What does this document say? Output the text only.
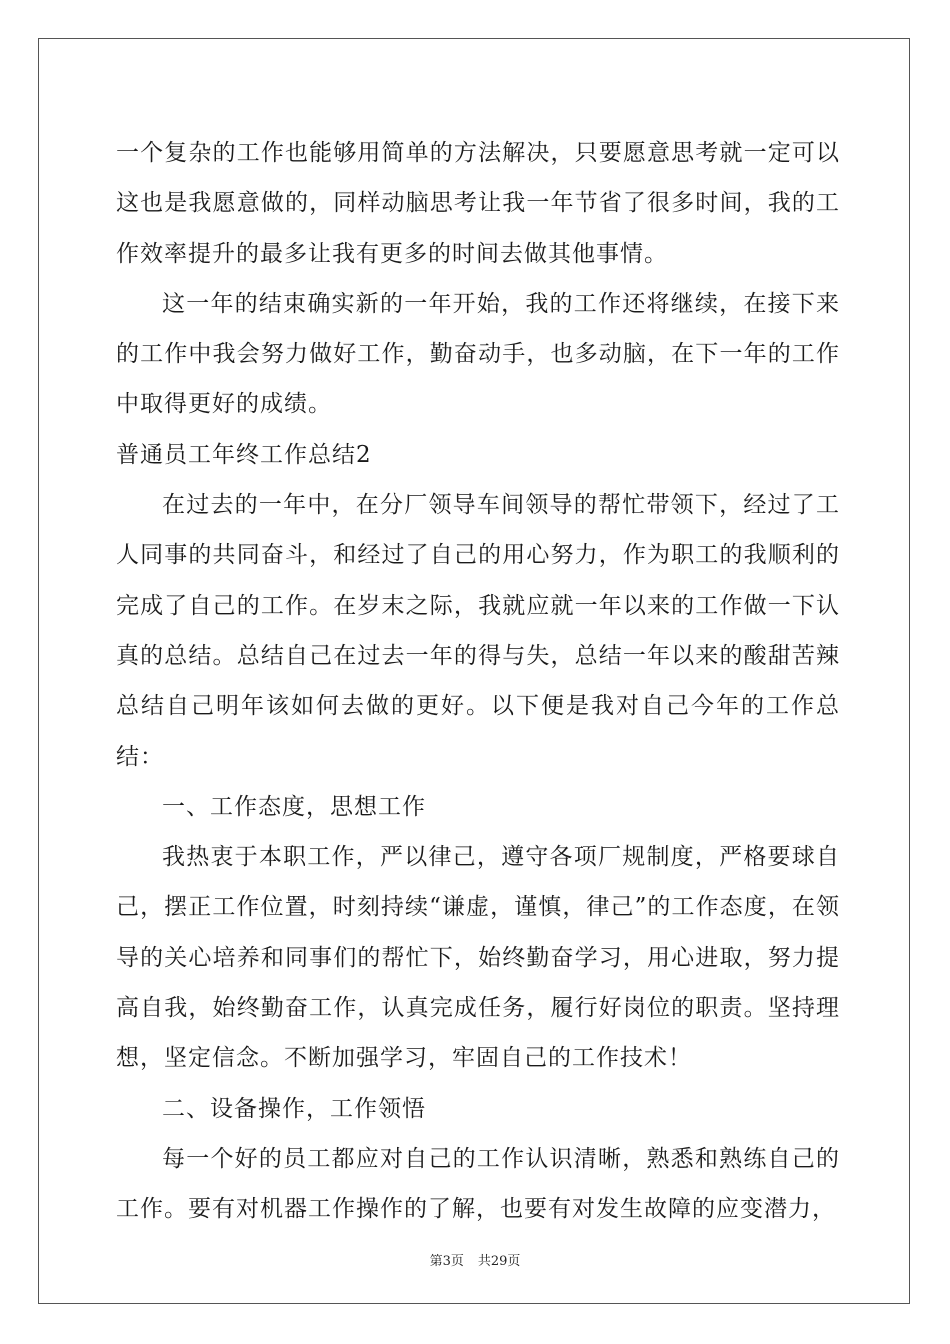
一个复杂的工作也能够用简单的方法解决，只要愿意思考就一定可以这也是我愿意做的，同样动脑思考让我一年节省了很多时间，我的工作效率提升的最多让我有更多的时间去做其他事情。

这一年的结束确实新的一年开始，我的工作还将继续，在接下来的工作中我会努力做好工作，勤奋动手，也多动脑，在下一年的工作中取得更好的成绩。

普通员工年终工作总结2

在过去的一年中，在分厂领导车间领导的帮忙带领下，经过了工人同事的共同奋斗，和经过了自己的用心努力，作为职工的我顺利的完成了自己的工作。在岁末之际，我就应就一年以来的工作做一下认真的总结。总结自己在过去一年的得与失，总结一年以来的酸甜苦辣总结自己明年该如何去做的更好。以下便是我对自己今年的工作总结：

一、工作态度，思想工作

我热衷于本职工作，严以律己，遵守各项厂规制度，严格要球自己，摆正工作位置，时刻持续“谦虚，谨慎，律己”的工作态度，在领导的关心培养和同事们的帮忙下，始终勤奋学习，用心进取，努力提高自我，始终勤奋工作，认真完成任务，履行好岗位的职责。坚持理想，坚定信念。不断加强学习，牢固自己的工作技术！

二、设备操作，工作领悟

每一个好的员工都应对自己的工作认识清晰，熟悉和熟练自己的工作。要有对机器工作操作的了解，也要有对发生故障的应变潜力，

第3页 共29页
